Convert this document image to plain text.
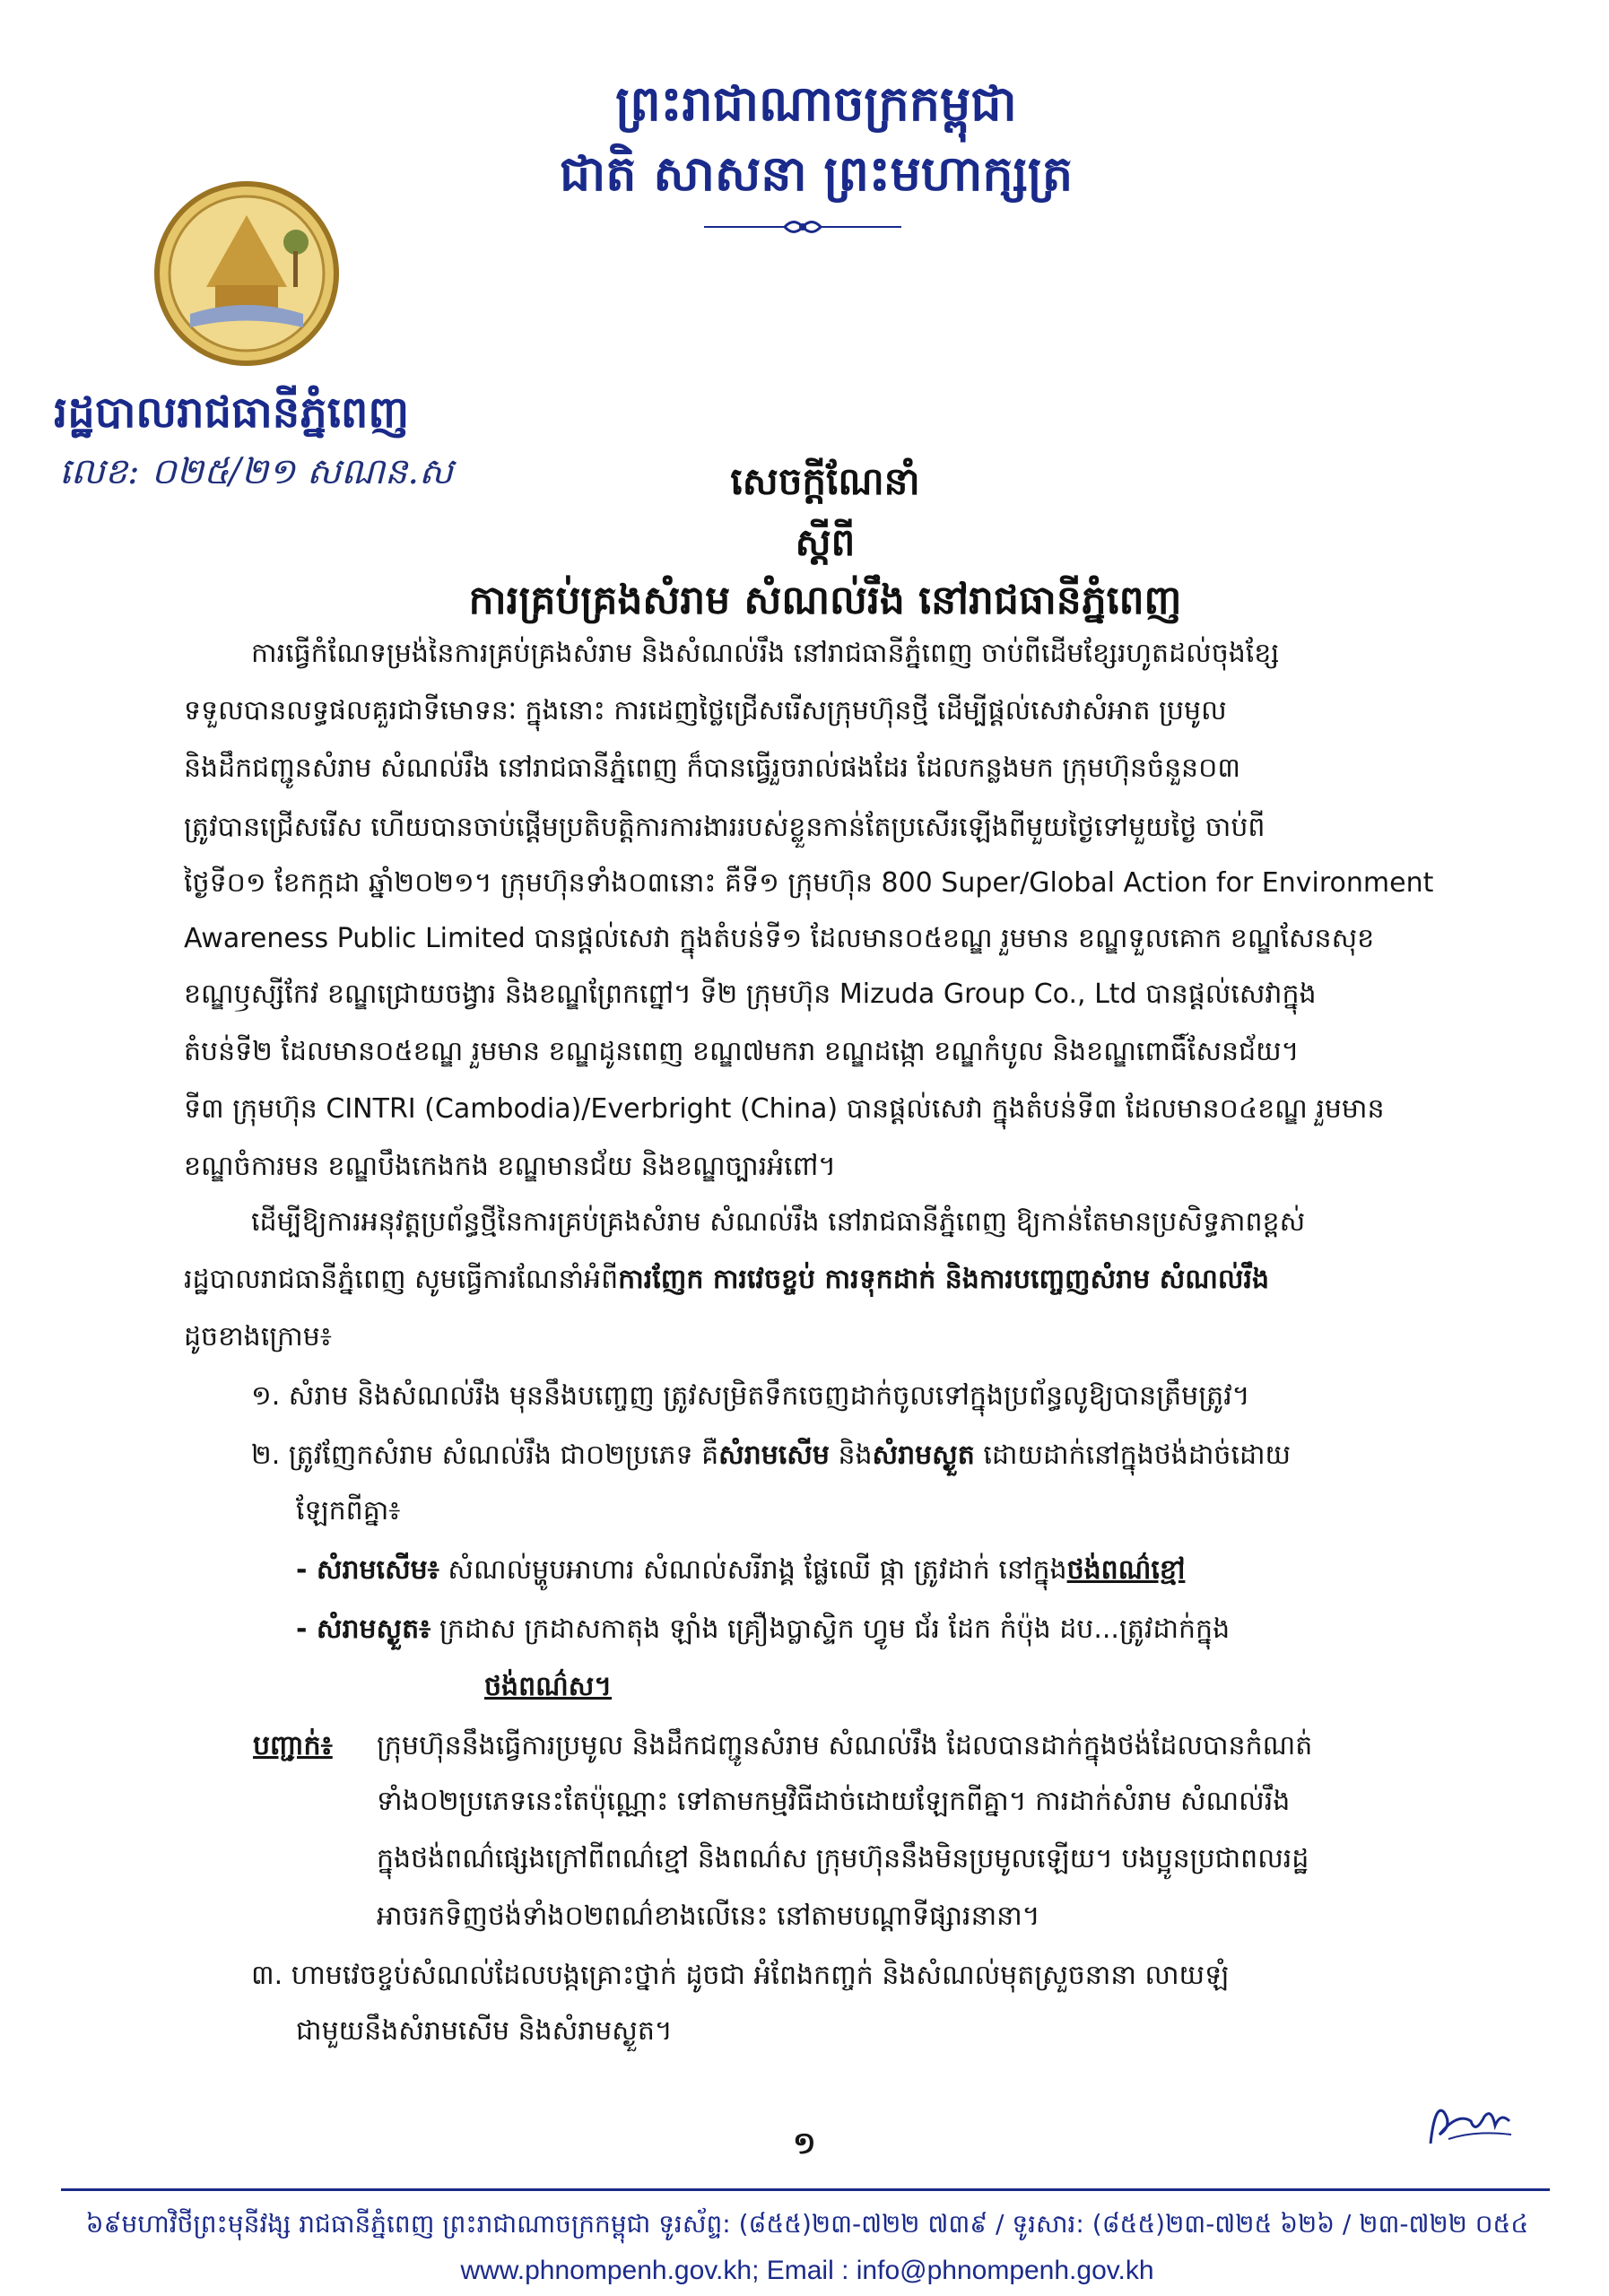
ព្រះរាជាណាចក្រកម្ពុជា
ជាតិ សាសនា ព្រះមហាក្សត្រ
រដ្ឋបាលរាជធានីភ្នំពេញ
លេខ: ០២៥/២១ សណន.ស	សេចក្តីណែនាំ
ស្តីពី
ការគ្រប់គ្រងសំរាម សំណល់រឹង នៅរាជធានីភ្នំពេញ
ការធ្វើកំណែទម្រង់នៃការគ្រប់គ្រងសំរាម និងសំណល់រឹង នៅរាជធានីភ្នំពេញ ចាប់ពីដើមខ្សែរហូតដល់ចុងខ្សែ
ទទួលបានលទ្ធផលគួរជាទីមោទនៈ ក្នុងនោះ ការដេញថ្លៃជ្រើសរើសក្រុមហ៊ុនថ្មី ដើម្បីផ្តល់សេវាសំអាត ប្រមូល
និងដឹកជញ្ជូនសំរាម សំណល់រឹង នៅរាជធានីភ្នំពេញ ក៏បានធ្វើរួចរាល់ផងដែរ ដែលកន្លងមក ក្រុមហ៊ុនចំនួន០៣
ត្រូវបានជ្រើសរើស ហើយបានចាប់ផ្តើមប្រតិបត្តិការការងាររបស់ខ្លួនកាន់តែប្រសើរឡើងពីមួយថ្ងៃទៅមួយថ្ងៃ ចាប់ពី
ថ្ងៃទី០១ ខែកក្កដា ឆ្នាំ២០២១។ ក្រុមហ៊ុនទាំង០៣នោះ គឺទី១ ក្រុមហ៊ុន 800 Super/Global Action for Environment
Awareness Public Limited បានផ្តល់សេវា ក្នុងតំបន់ទី១ ដែលមាន០៥ខណ្ឌ រួមមាន ខណ្ឌទួលគោក ខណ្ឌសែនសុខ
ខណ្ឌឫស្សីកែវ ខណ្ឌជ្រោយចង្វារ និងខណ្ឌព្រែកព្នៅ។ ទី២ ក្រុមហ៊ុន Mizuda Group Co., Ltd បានផ្តល់សេវាក្នុង
តំបន់ទី២ ដែលមាន០៥ខណ្ឌ រួមមាន ខណ្ឌដូនពេញ ខណ្ឌ៧មករា ខណ្ឌដង្កោ ខណ្ឌកំបូល និងខណ្ឌពោធិ៍សែនជ័យ។
ទី៣ ក្រុមហ៊ុន CINTRI (Cambodia)/Everbright (China) បានផ្តល់សេវា ក្នុងតំបន់ទី៣ ដែលមាន០៤ខណ្ឌ រួមមាន
ខណ្ឌចំការមន ខណ្ឌបឹងកេងកង ខណ្ឌមានជ័យ និងខណ្ឌច្បារអំពៅ។
ដើម្បីឱ្យការអនុវត្តប្រព័ន្ធថ្មីនៃការគ្រប់គ្រងសំរាម សំណល់រឹង នៅរាជធានីភ្នំពេញ ឱ្យកាន់តែមានប្រសិទ្ធភាពខ្ពស់
រដ្ឋបាលរាជធានីភ្នំពេញ សូមធ្វើការណែនាំអំពីការញែក ការវេចខ្ចប់ ការទុកដាក់ និងការបញ្ចេញសំរាម សំណល់រឹង
ដូចខាងក្រោម៖
១. សំរាម និងសំណល់រឹង មុននឹងបញ្ចេញ ត្រូវសម្រិតទឹកចេញដាក់ចូលទៅក្នុងប្រព័ន្ធលូឱ្យបានត្រឹមត្រូវ។
២. ត្រូវញែកសំរាម សំណល់រឹង ជា០២ប្រភេទ គឺសំរាមសើម និងសំរាមស្ងួត ដោយដាក់នៅក្នុងថង់ដាច់ដោយ
ឡែកពីគ្នា៖
- សំរាមសើម៖ សំណល់ម្ហូបអាហារ សំណល់សរីរាង្គ ផ្លែឈើ ផ្កា ត្រូវដាក់ នៅក្នុងថង់ពណ៌ខ្មៅ
- សំរាមស្ងួត៖ ក្រដាស ក្រដាសកាតុង ឡាំង គ្រឿងប្លាស្ទិក ហ្វូម ជ័រ ដែក កំប៉ុង ដប...ត្រូវដាក់ក្នុង
ថង់ពណ៌ស។
បញ្ជាក់៖ ក្រុមហ៊ុននឹងធ្វើការប្រមូល និងដឹកជញ្ជូនសំរាម សំណល់រឹង ដែលបានដាក់ក្នុងថង់ដែលបានកំណត់
ទាំង០២ប្រភេទនេះតែប៉ុណ្ណោះ ទៅតាមកម្មវិធីដាច់ដោយឡែកពីគ្នា។ ការដាក់សំរាម សំណល់រឹង
ក្នុងថង់ពណ៌ផ្សេងក្រៅពីពណ៌ខ្មៅ និងពណ៌ស ក្រុមហ៊ុននឹងមិនប្រមូលឡើយ។ បងប្អូនប្រជាពលរដ្ឋ
អាចរកទិញថង់ទាំង០២ពណ៌ខាងលើនេះ នៅតាមបណ្តាទីផ្សារនានា។
៣. ហាមវេចខ្ចប់សំណល់ដែលបង្កគ្រោះថ្នាក់ ដូចជា អំពែងកញ្ចក់ និងសំណល់មុតស្រួចនានា លាយឡំ
ជាមួយនឹងសំរាមសើម និងសំរាមស្ងួត។
១
៦៩មហាវិថីព្រះមុនីវង្ស រាជធានីភ្នំពេញ ព្រះរាជាណាចក្រកម្ពុជា ទូរស័ព្ទ: (៨៥៥)២៣-៧២២ ៧៣៩ / ទូរសារ: (៨៥៥)២៣-៧២៥ ៦២៦ / ២៣-៧២២ ០៥៤
www.phnompenh.gov.kh; Email : info@phnompenh.gov.kh
